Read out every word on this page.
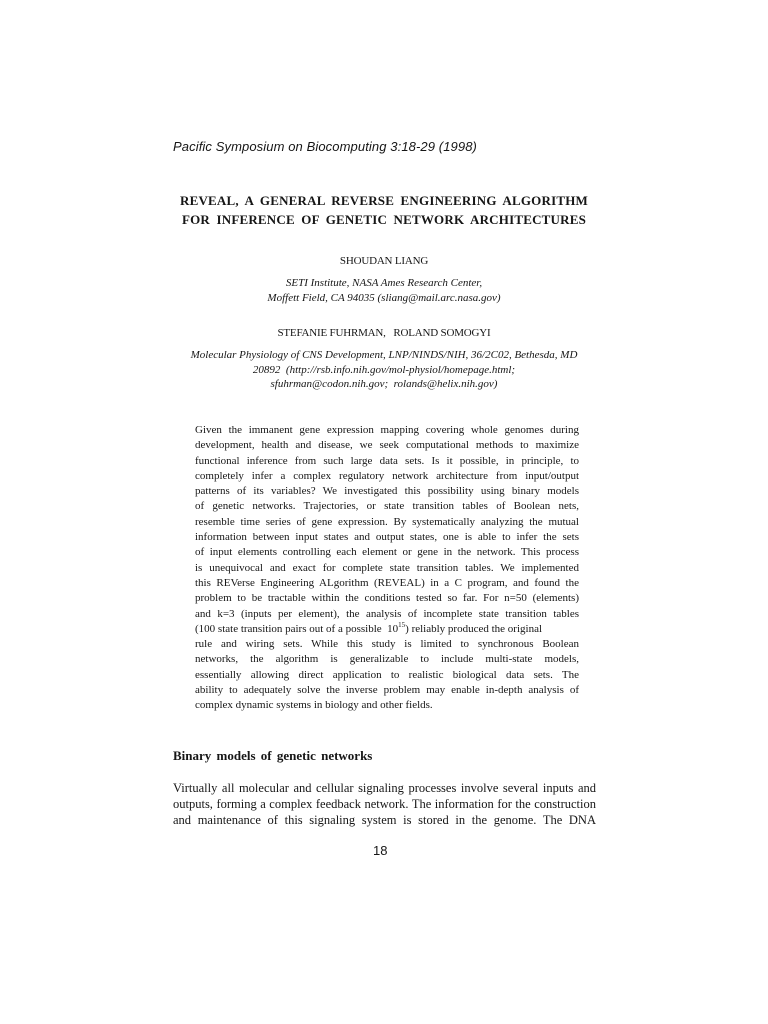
Pacific Symposium on Biocomputing 3:18-29 (1998)
REVEAL, A GENERAL REVERSE ENGINEERING ALGORITHM
FOR INFERENCE OF GENETIC NETWORK ARCHITECTURES
SHOUDAN LIANG
SETI Institute, NASA Ames Research Center,
Moffett Field, CA 94035 (sliang@mail.arc.nasa.gov)
STEFANIE FUHRMAN,   ROLAND SOMOGYI
Molecular Physiology of CNS Development, LNP/NINDS/NIH, 36/2C02, Bethesda, MD
20892  (http://rsb.info.nih.gov/mol-physiol/homepage.html;
sfuhrman@codon.nih.gov;  rolands@helix.nih.gov)
Given the immanent gene expression mapping covering whole genomes during
development, health and disease, we seek computational methods to maximize
functional inference from such large data sets. Is it possible, in principle, to
completely infer a complex regulatory network architecture from input/output
patterns of its variables? We investigated this possibility using binary models
of genetic networks. Trajectories, or state transition tables of Boolean nets,
resemble time series of gene expression. By systematically analyzing the mutual
information between input states and output states, one is able to infer the sets
of input elements controlling each element or gene in the network. This process
is unequivocal and exact for complete state transition tables. We implemented
this REVerse Engineering ALgorithm (REVEAL) in a C program, and found the
problem to be tractable within the conditions tested so far. For n=50 (elements)
and k=3 (inputs per element), the analysis of incomplete state transition tables
(100 state transition pairs out of a possible  $10^{15}$) reliably produced the original
rule and wiring sets. While this study is limited to synchronous Boolean
networks, the algorithm is generalizable to include multi-state models,
essentially allowing direct application to realistic biological data sets. The
ability to adequately solve the inverse problem may enable in-depth analysis of
complex dynamic systems in biology and other fields.
Binary models of genetic networks
Virtually all molecular and cellular signaling processes involve several inputs and
outputs, forming a complex feedback network. The information for the construction
and maintenance of this signaling system is stored in the genome. The DNA
18
